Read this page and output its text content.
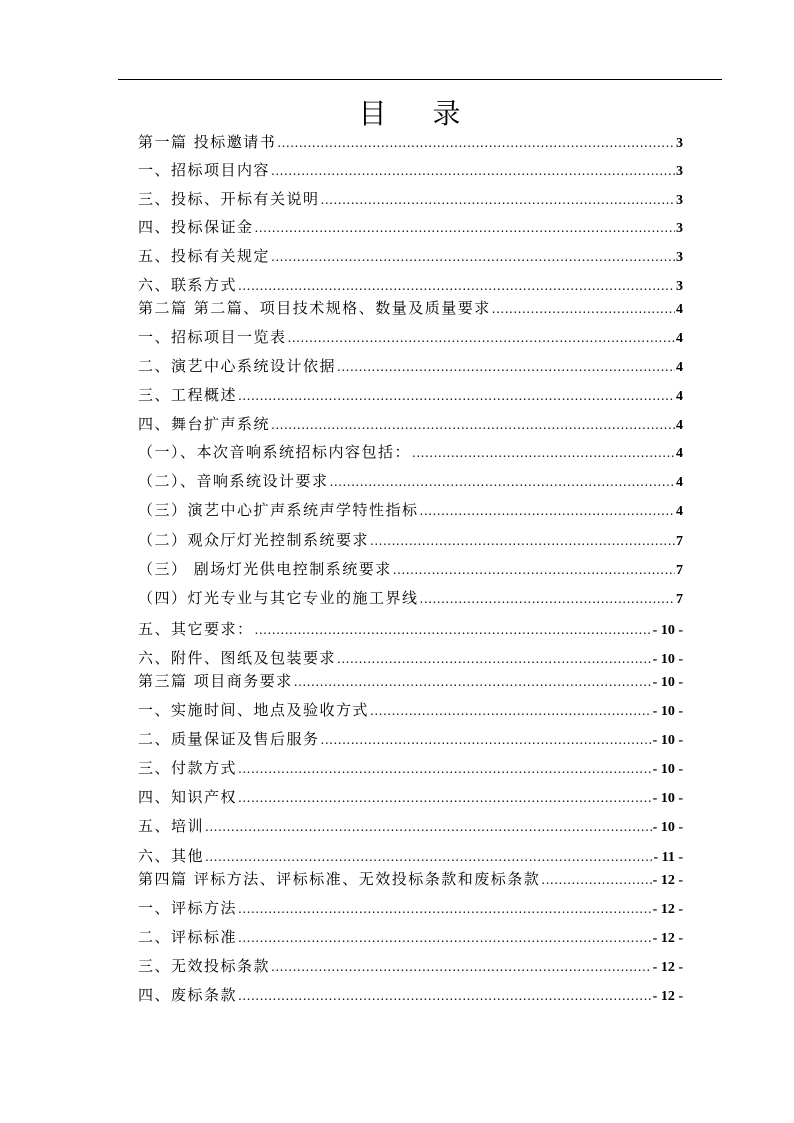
目 录
第一篇 投标邀请书 .....	3
一、招标项目内容 .....	3
三、投标、开标有关说明 .....	3
四、投标保证金 .....	3
五、投标有关规定 .....	3
六、联系方式 .....	3
第二篇 第二篇、项目技术规格、数量及质量要求 .....	4
一、招标项目一览表 .....	4
二、演艺中心系统设计依据 .....	4
三、工程概述 .....	4
四、舞台扩声系统 .....	4
（一）、本次音响系统招标内容包括： .....	4
（二）、音响系统设计要求 .....	4
（三）演艺中心扩声系统声学特性指标 .....	4
（二）观众厅灯光控制系统要求 .....	7
（三） 剧场灯光供电控制系统要求 .....	7
（四）灯光专业与其它专业的施工界线 .....	7
五、其它要求： .....	- 10 -
六、附件、图纸及包装要求 .....	- 10 -
第三篇 项目商务要求 .....	- 10 -
一、实施时间、地点及验收方式 .....	- 10 -
二、质量保证及售后服务 .....	- 10 -
三、付款方式 .....	- 10 -
四、知识产权 .....	- 10 -
五、培训 .....	- 10 -
六、其他 .....	- 11 -
第四篇 评标方法、评标标准、无效投标条款和废标条款 .....	- 12 -
一、评标方法 .....	- 12 -
二、评标标准 .....	- 12 -
三、无效投标条款 .....	- 12 -
四、废标条款 .....	- 12 -
